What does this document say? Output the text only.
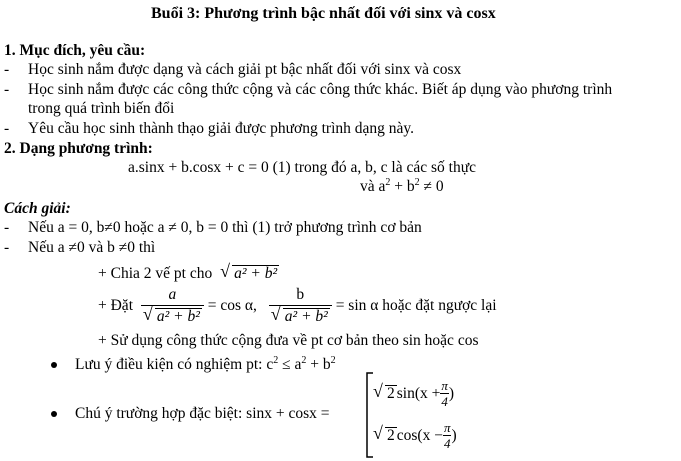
Buổi 3: Phương trình bậc nhất đối với sinx và cosx
1. Mục đích, yêu cầu:
- Học sinh nắm được dạng và cách giải pt bậc nhất đối với sinx và cosx
- Học sinh nắm được các công thức cộng và các công thức khác. Biết áp dụng vào phương trình
trong quá trình biến đổi
- Yêu cầu học sinh thành thạo giải được phương trình dạng này.
2. Dạng phương trình:
a.sinx + b.cosx + c = 0 (1) trong đó a, b, c là các số thực
và $a^2 + b^2 \ne 0$
Cách giải:
- Nếu a = 0, b≠0 hoặc a ≠ 0, b = 0 thì (1) trở phương trình cơ bản
- Nếu a ≠0 và b ≠0 thì
+ Chia 2 vế pt cho √ a² + b²
+ Đặt $\frac{a}{\text{√ a² + b²}} = \cos \alpha$, $\frac{b}{\text{√ a² + b²}} = \sin \alpha$ hoặc đặt ngược lại
+ Sử dụng công thức cộng đưa về pt cơ bản theo sin hoặc cos
Lưu ý điều kiện có nghiệm pt: $c^2 \le a^2 + b^2$
Chú ý trường hợp đặc biệt: sinx + cosx =
√ 2 $\sin(x + \frac{\pi}{4}$ )
√ 2 $\cos(x - \frac{\pi}{4}$ )
